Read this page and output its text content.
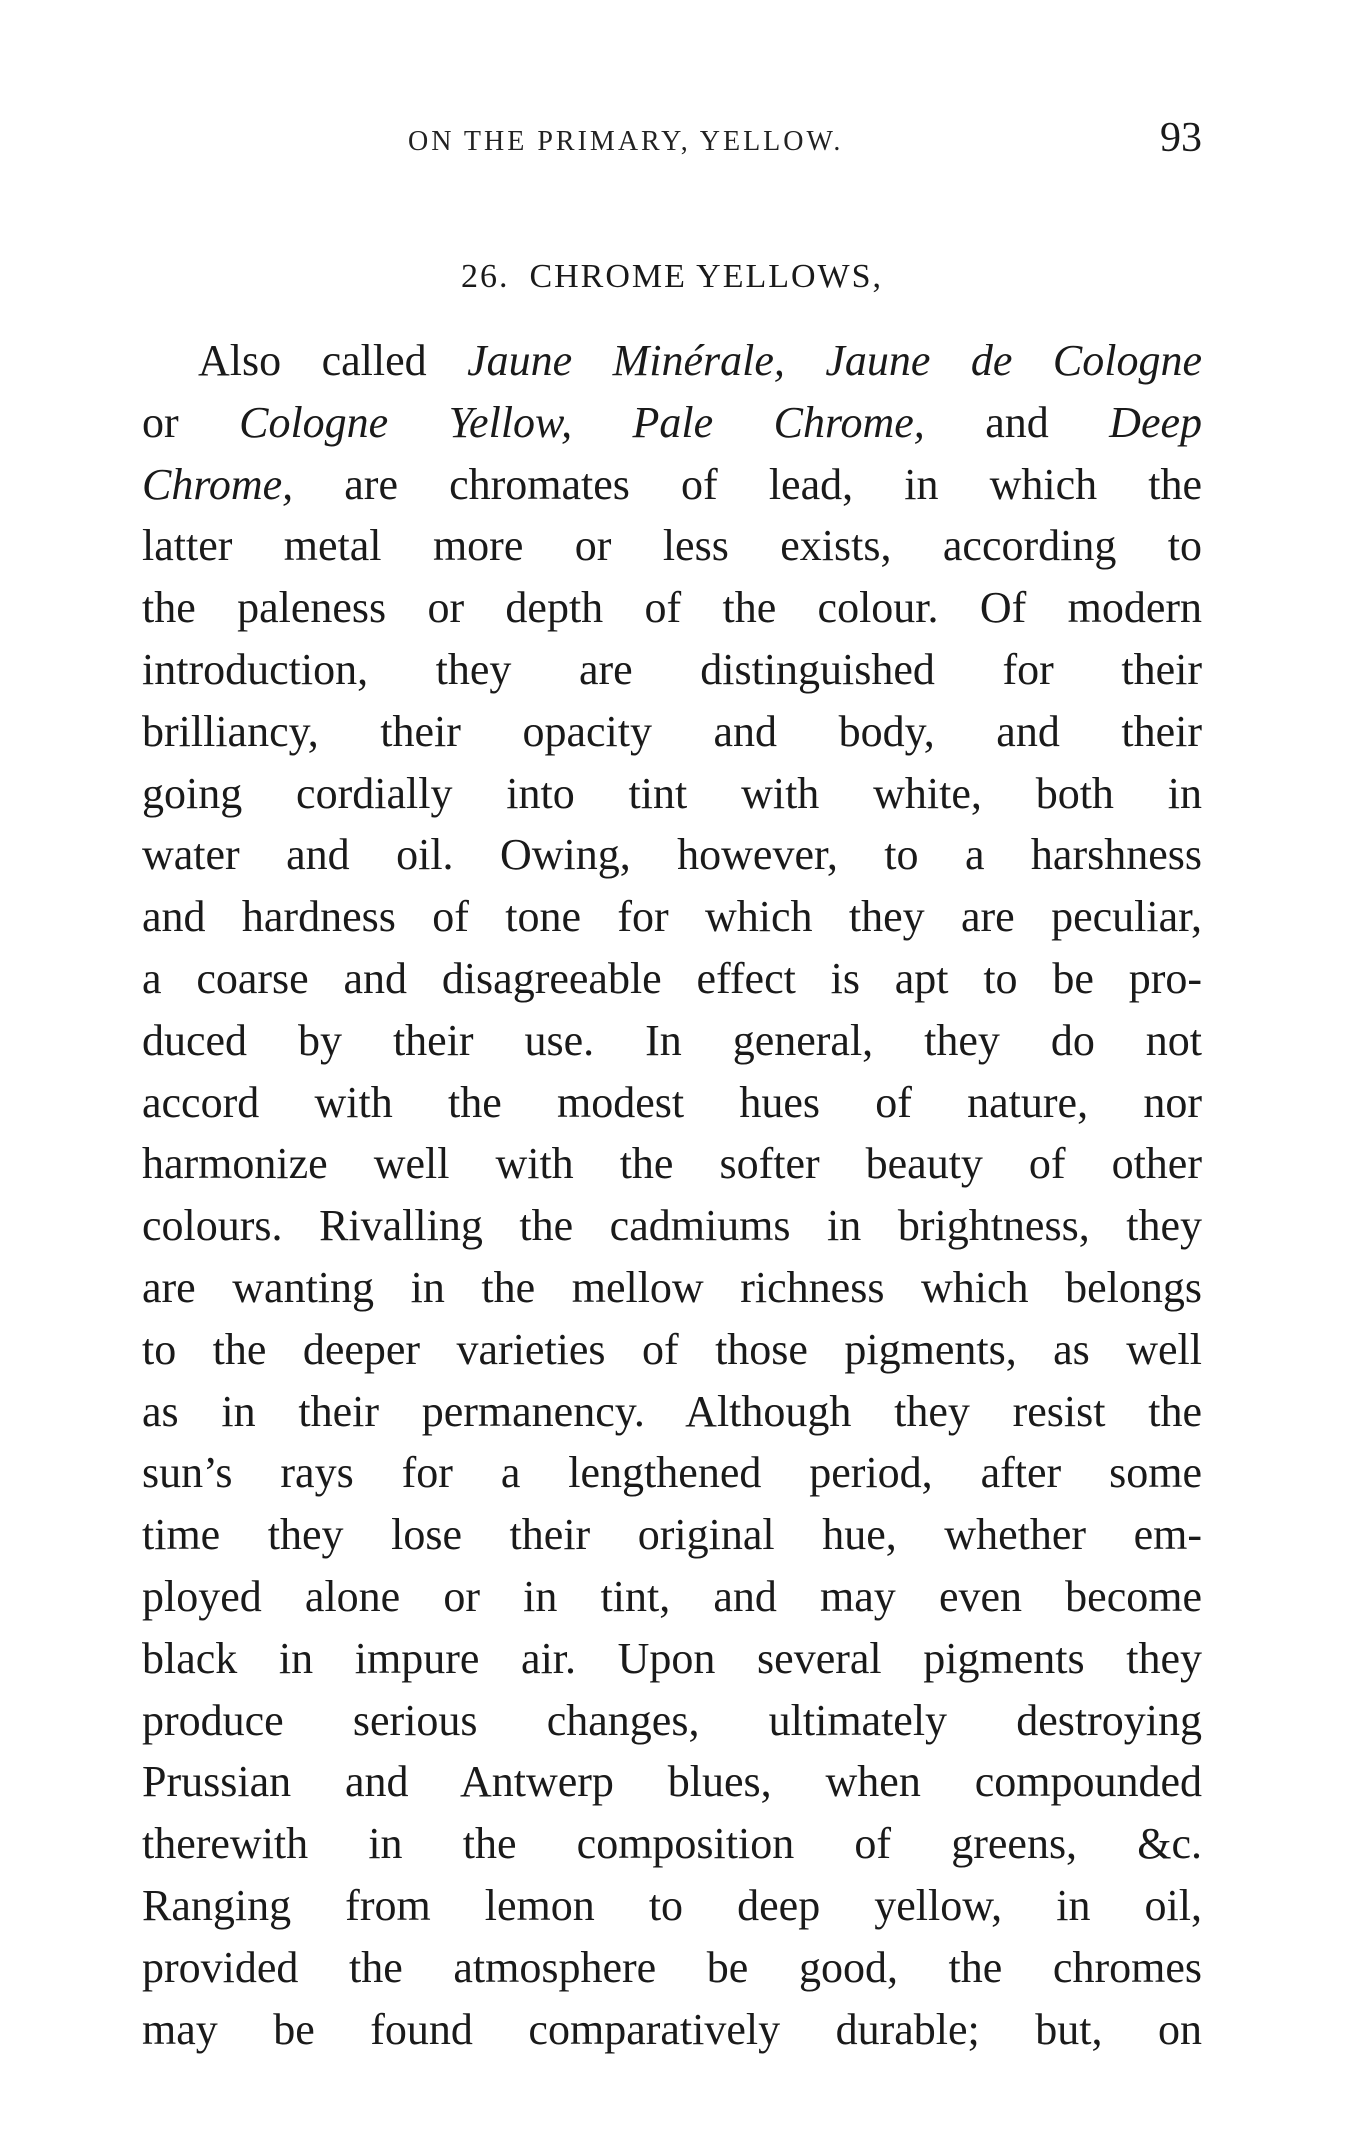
ON THE PRIMARY, YELLOW.	93
26. CHROME YELLOWS,
Also called Jaune Minérale, Jaune de Cologne
or Cologne Yellow, Pale Chrome, and Deep
Chrome, are chromates of lead, in which the
latter metal more or less exists, according to
the paleness or depth of the colour. Of modern
introduction, they are distinguished for their
brilliancy, their opacity and body, and their
going cordially into tint with white, both in
water and oil. Owing, however, to a harshness
and hardness of tone for which they are peculiar,
a coarse and disagreeable effect is apt to be pro-
duced by their use. In general, they do not
accord with the modest hues of nature, nor
harmonize well with the softer beauty of other
colours. Rivalling the cadmiums in brightness, they
are wanting in the mellow richness which belongs
to the deeper varieties of those pigments, as well
as in their permanency. Although they resist the
sun’s rays for a lengthened period, after some
time they lose their original hue, whether em-
ployed alone or in tint, and may even become
black in impure air. Upon several pigments they
produce serious changes, ultimately destroying
Prussian and Antwerp blues, when compounded
therewith in the composition of greens, &c.
Ranging from lemon to deep yellow, in oil,
provided the atmosphere be good, the chromes
may be found comparatively durable; but, on
